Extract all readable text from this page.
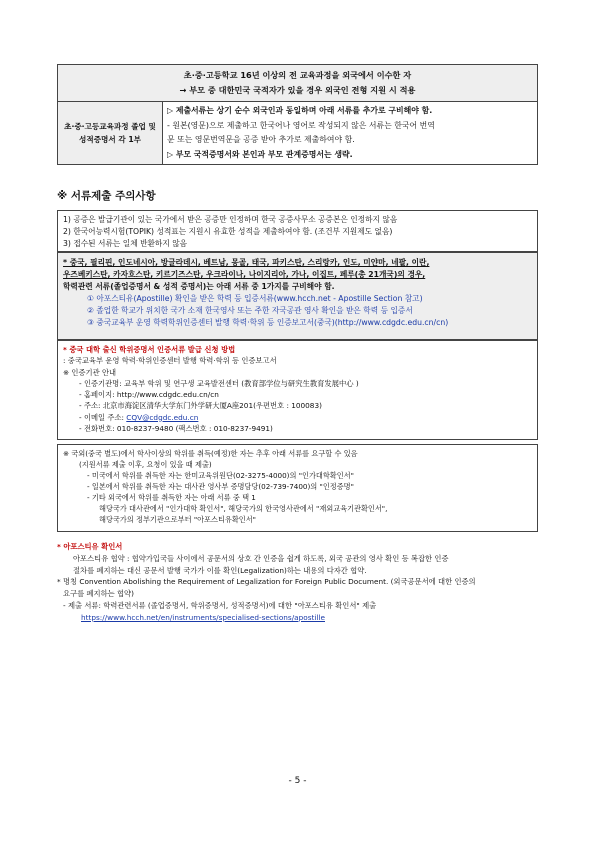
초·중·고등학교 16년 이상의 전 교육과정을 외국에서 이수한 자
→ 부모 중 대한민국 국적자가 있을 경우 외국인 전형 지원 시 적용

초·중·고등교육과정 졸업 및
성적증명서 각 1부

▷ 제출서류는 상기 순수 외국인과 동일하며 아래 서류를 추가로 구비해야 함.
- 원본(영문)으로 제출하고 한국어나 영어로 작성되지 않은 서류는 한국어 번역
문 또는 영문번역문을 공증 받아 추가로 제출하여야 함.
▷ 부모 국적증명서와 본인과 부모 관계증명서는 생략.
※ 서류제출 주의사항
1) 공증은 발급기관이 있는 국가에서 받은 공증만 인정하며 한국 공증사무소 공증본은 인정하지 않음
2) 한국어능력시험(TOPIK) 성적표는 지원시 유효한 성적을 제출하여야 함. (조건부 지원제도 없음)
3) 접수된 서류는 일체 반환하지 않음
* 중국, 필리핀, 인도네시아, 방글라데시, 베트남, 몽골, 태국, 파키스탄, 스리랑카, 인도, 미얀마, 네팔, 이란,
우즈베키스탄, 카자흐스탄, 키르기즈스탄, 우크라이나, 나이지리아, 가나, 이집트, 페루(총 21개국)의 경우,
학력관련 서류(졸업증명서 & 성적 증명서)는 아래 서류 중 1가지를 구비해야 함.
① 아포스티유(Apostille) 확인을 받은 학력 등 입증서류(www.hcch.net - Apostille Section 참고)
② 졸업한 학교가 위치한 국가 소재 한국영사 또는 주한 자국공관 영사 확인을 받은 학력 등 입증서
③ 중국교육부 운영 학력학위인증센터 발행 학력·학위 등 인증보고서(중국)(http://www.cdgdc.edu.cn/cn)
* 중국 대학 출신 학위증명서 인증서류 발급 신청 방법
: 중국교육부 운영 학력·학위인증센터 발행 학력·학위 등 인증보고서
※ 인증기관 안내
- 인증기관명: 교육부 학위 및 연구생 교육발전센터 (教育部学位与研究生教育发展中心 )
- 홈페이지: http://www.cdgdc.edu.cn/cn
- 주소: 北京市海淀区清华大学东门外学研大厦A座201(우편번호 : 100083)
- 이메일 주소: CQV@cdgdc.edu.cn
- 전화번호: 010-8237-9480 (팩스번호 : 010-8237-9491)
※ 국외(중국 별도)에서 학사이상의 학위를 취득(예정)한 자는 추후 아래 서류를 요구할 수 있음
(지원서류 제출 이후, 요청이 있을 때 제출)
- 미국에서 학위를 취득한 자는 한미교육위원단(02-3275-4000)의 "인가대학확인서"
- 일본에서 학위를 취득한 자는 대사관 영사부 증명담당(02-739-7400)의 "인정증명"
- 기타 외국에서 학위를 취득한 자는 아래 서류 중 택 1
해당국가 대사관에서 "인가대학 확인서", 해당국가의 한국영사관에서 "재외교육기관확인서",
해당국가의 정부기관으로부터 "아포스티유확인서"
* 아포스티유 확인서
아포스티유 협약 : 협약가입국들 사이에서 공문서의 상호 간 인증을 쉽게 하도록, 외국 공관의 영사 확인 등 복잡한 인증
절차를 폐지하는 대신 공문서 발행 국가가 이를 확인(Legalization)하는 내용의 다자간 협약.
* 명칭 Convention Abolishing the Requirement of Legalization for Foreign Public Document. (외국공문서에 대한 인증의
요구를 폐지하는 협약)
- 제출 서류: 학력관련서류 (졸업증명서, 학위증명서, 성적증명서)에 대한 "아포스티유 확인서" 제출
https://www.hcch.net/en/instruments/specialised-sections/apostille
- 5 -
